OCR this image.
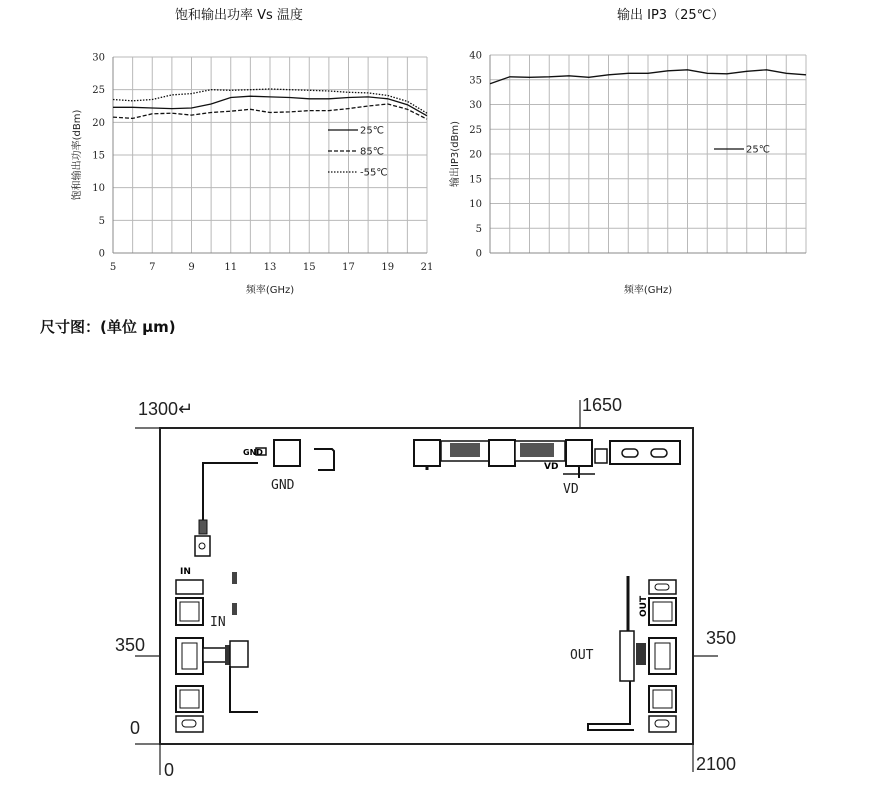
饱和输出功率 Vs 温度	输出 IP3（25℃）
0
5
10
15
20
25
30
5	7	9	11	13	15	17	19	21
25℃
85℃
-55℃
频率(GHz)
饱和输出功率(dBm)
0
5
10
15
20
25
30
35
40
25℃
频率(GHz)
输出IP3(dBm)
尺寸图：(单位 μm)
1300↵	1650
350
0
0
350
2100
GND
GND
IN
IN
VD
VD
OUT
OUT
